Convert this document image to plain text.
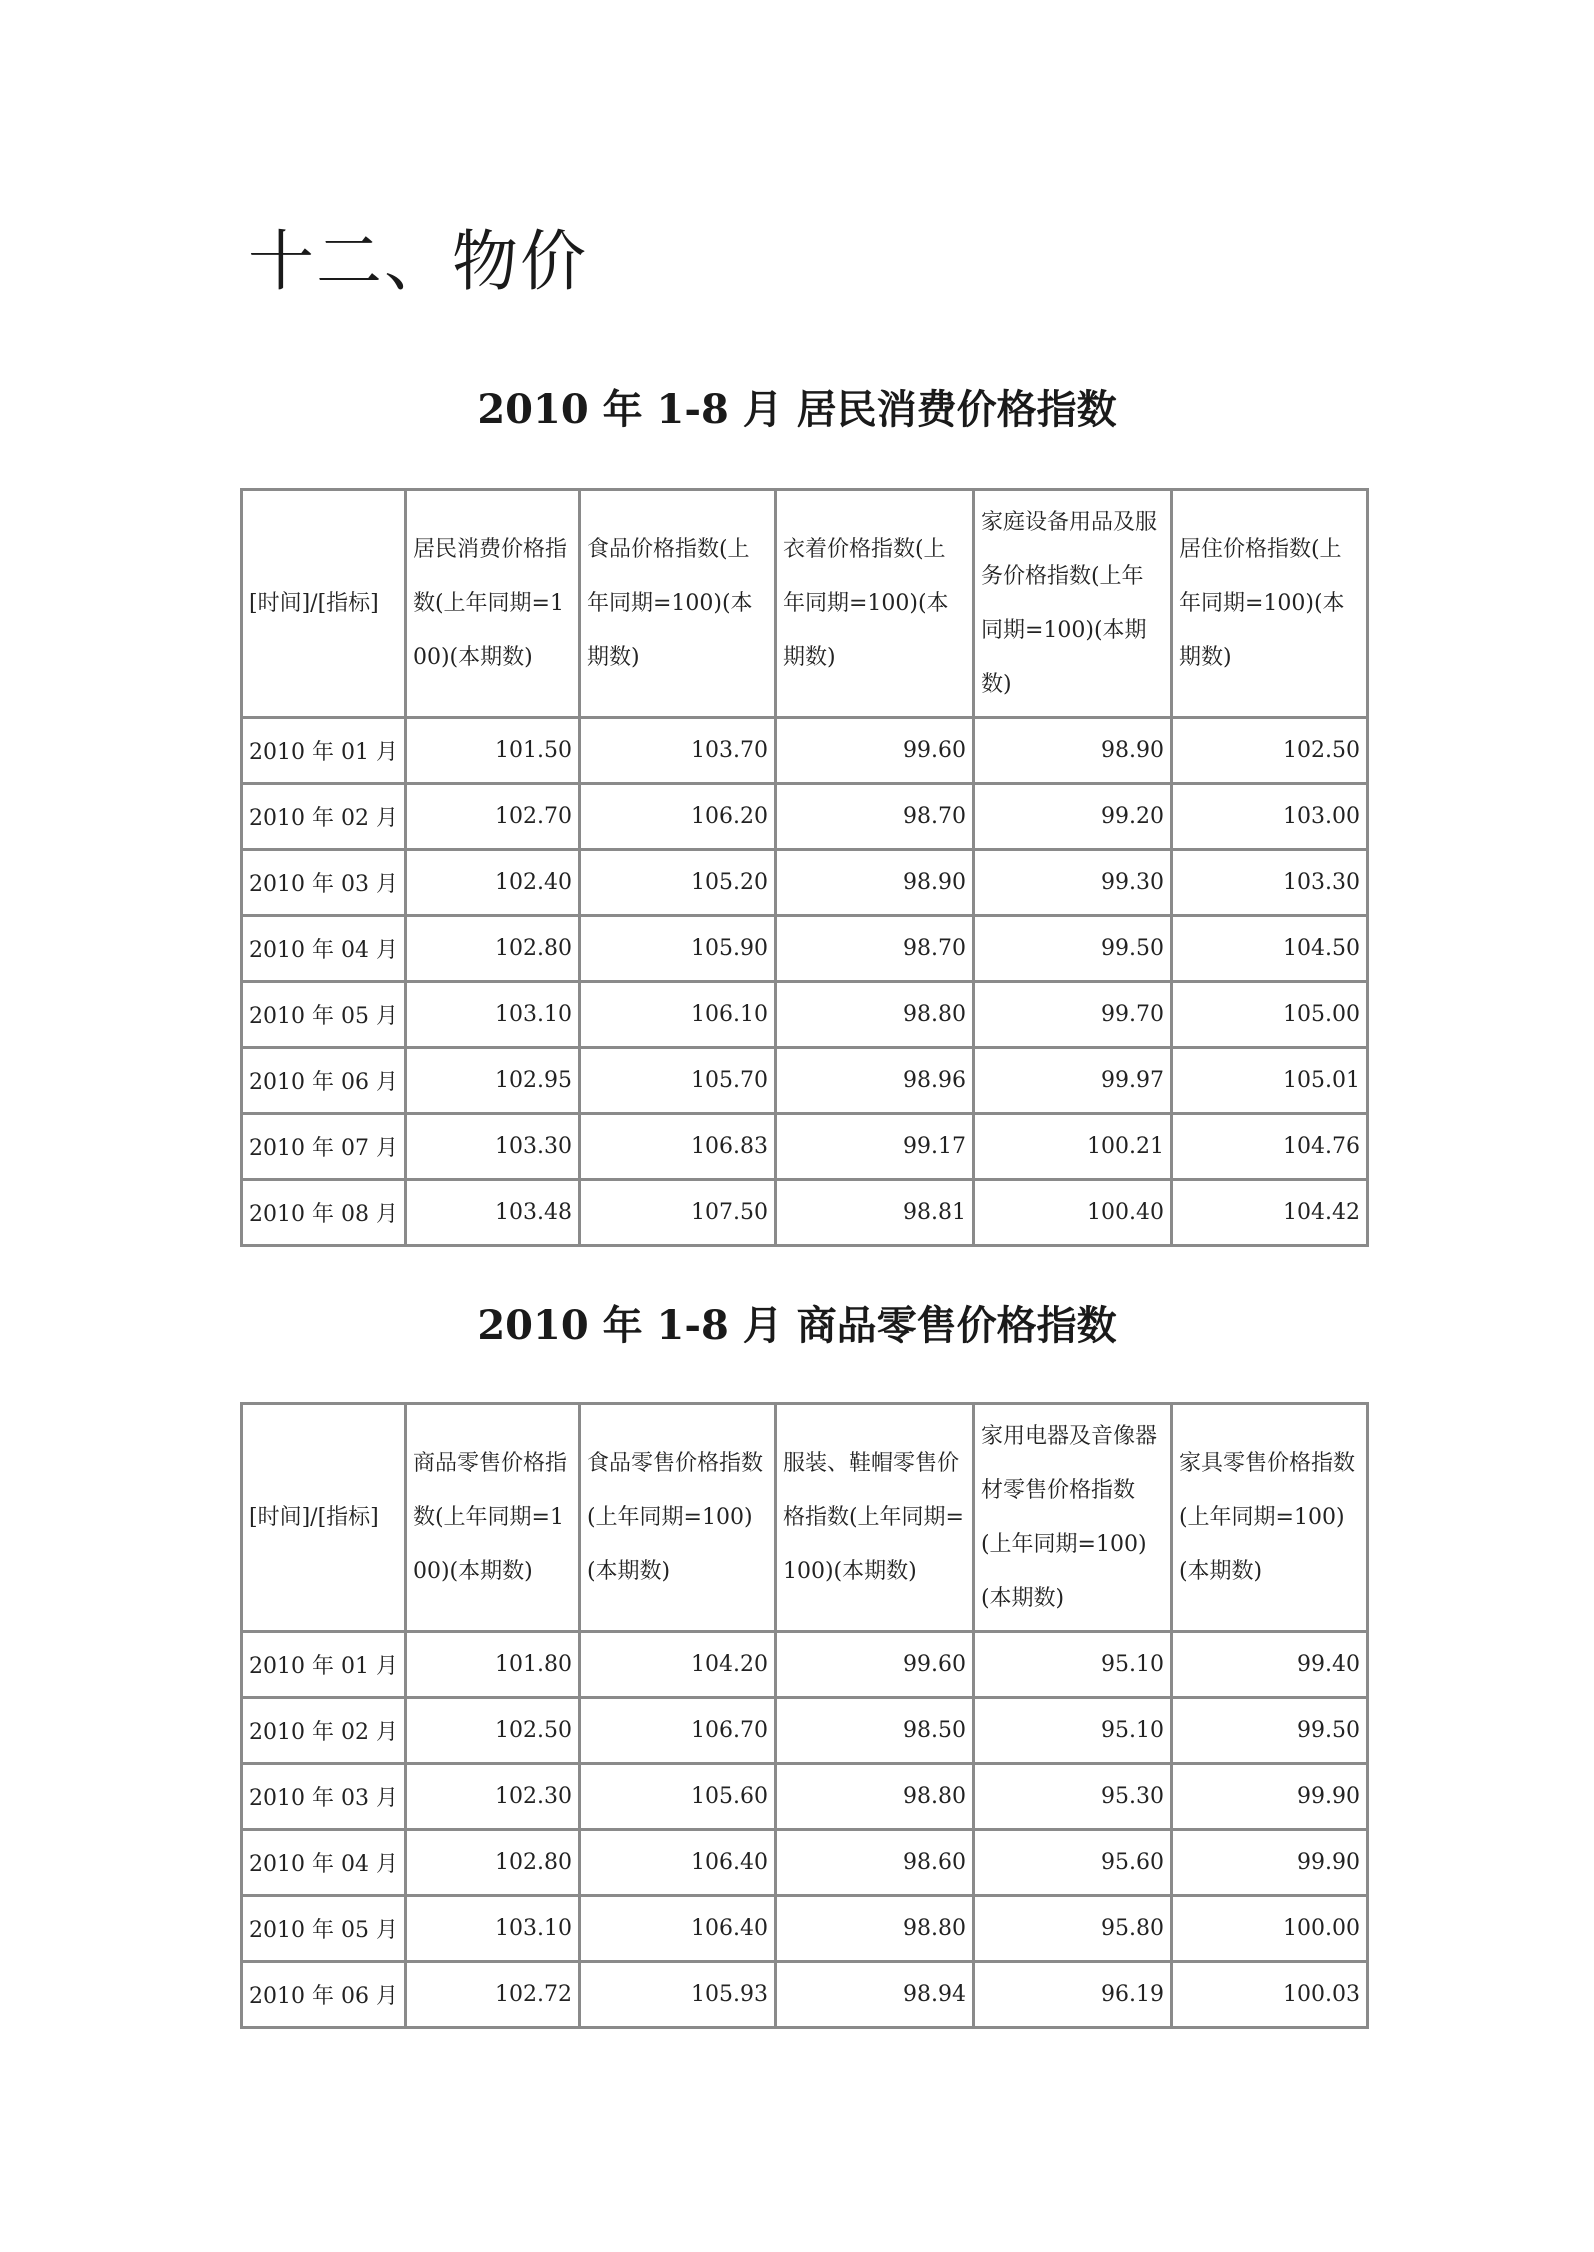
十二、物价
2010 年 1-8 月 居民消费价格指数
[时间]/[指标]	居民消费价格指数(上年同期=100)(本期数)	食品价格指数(上年同期=100)(本期数)	衣着价格指数(上年同期=100)(本期数)	家庭设备用品及服务价格指数(上年同期=100)(本期数)	居住价格指数(上年同期=100)(本期数)
2010 年 01 月	101.50	103.70	99.60	98.90	102.50
2010 年 02 月	102.70	106.20	98.70	99.20	103.00
2010 年 03 月	102.40	105.20	98.90	99.30	103.30
2010 年 04 月	102.80	105.90	98.70	99.50	104.50
2010 年 05 月	103.10	106.10	98.80	99.70	105.00
2010 年 06 月	102.95	105.70	98.96	99.97	105.01
2010 年 07 月	103.30	106.83	99.17	100.21	104.76
2010 年 08 月	103.48	107.50	98.81	100.40	104.42
2010 年 1-8 月 商品零售价格指数
[时间]/[指标]	商品零售价格指数(上年同期=100)(本期数)	食品零售价格指数(上年同期=100)(本期数)	服装、鞋帽零售价格指数(上年同期=100)(本期数)	家用电器及音像器材零售价格指数(上年同期=100)(本期数)	家具零售价格指数(上年同期=100)(本期数)
2010 年 01 月	101.80	104.20	99.60	95.10	99.40
2010 年 02 月	102.50	106.70	98.50	95.10	99.50
2010 年 03 月	102.30	105.60	98.80	95.30	99.90
2010 年 04 月	102.80	106.40	98.60	95.60	99.90
2010 年 05 月	103.10	106.40	98.80	95.80	100.00
2010 年 06 月	102.72	105.93	98.94	96.19	100.03
